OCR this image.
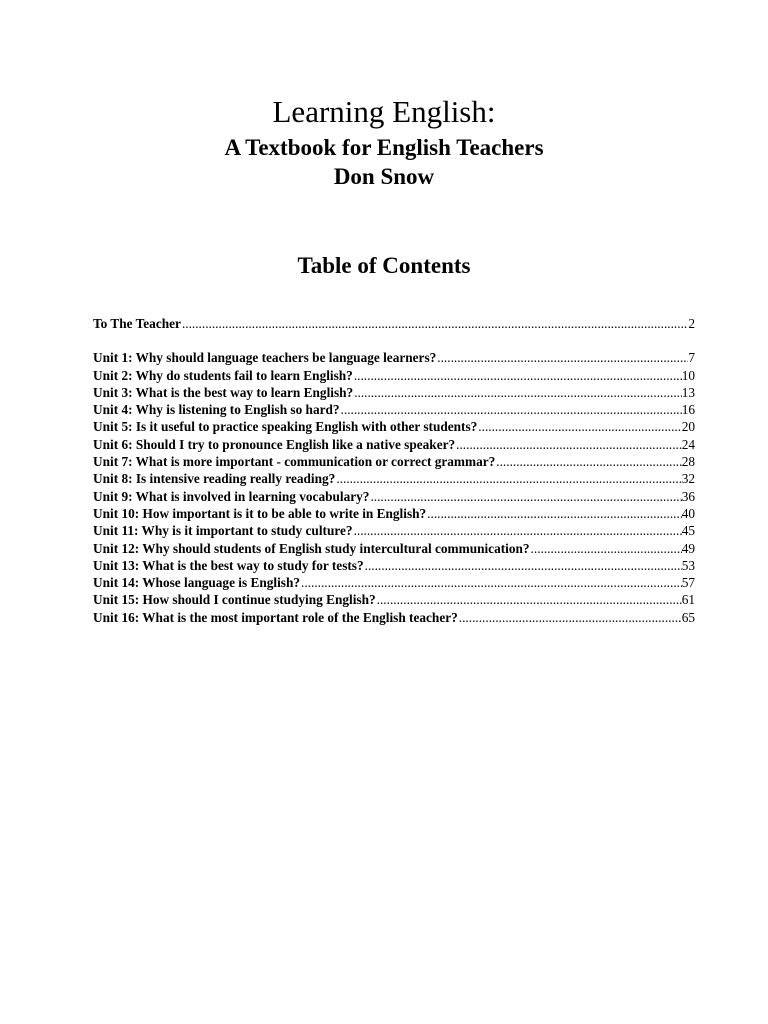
Learning English:
A Textbook for English Teachers
Don Snow
Table of Contents
To The Teacher .....	2
Unit 1: Why should language teachers be language learners? .....	7
Unit 2: Why do students fail to learn English? .....	10
Unit 3: What is the best way to learn English? .....	13
Unit 4: Why is listening to English so hard? .....	16
Unit 5: Is it useful to practice speaking English with other students? .....	20
Unit 6: Should I try to pronounce English like a native speaker? .....	24
Unit 7: What is more important - communication or correct grammar? .....	28
Unit 8: Is intensive reading really reading? .....	32
Unit 9: What is involved in learning vocabulary? .....	36
Unit 10: How important is it to be able to write in English? .....	40
Unit 11: Why is it important to study culture? .....	45
Unit 12: Why should students of English study intercultural communication? .....	49
Unit 13: What is the best way to study for tests? .....	53
Unit 14: Whose language is English? .....	57
Unit 15: How should I continue studying English? .....	61
Unit 16: What is the most important role of the English teacher? .....	65
